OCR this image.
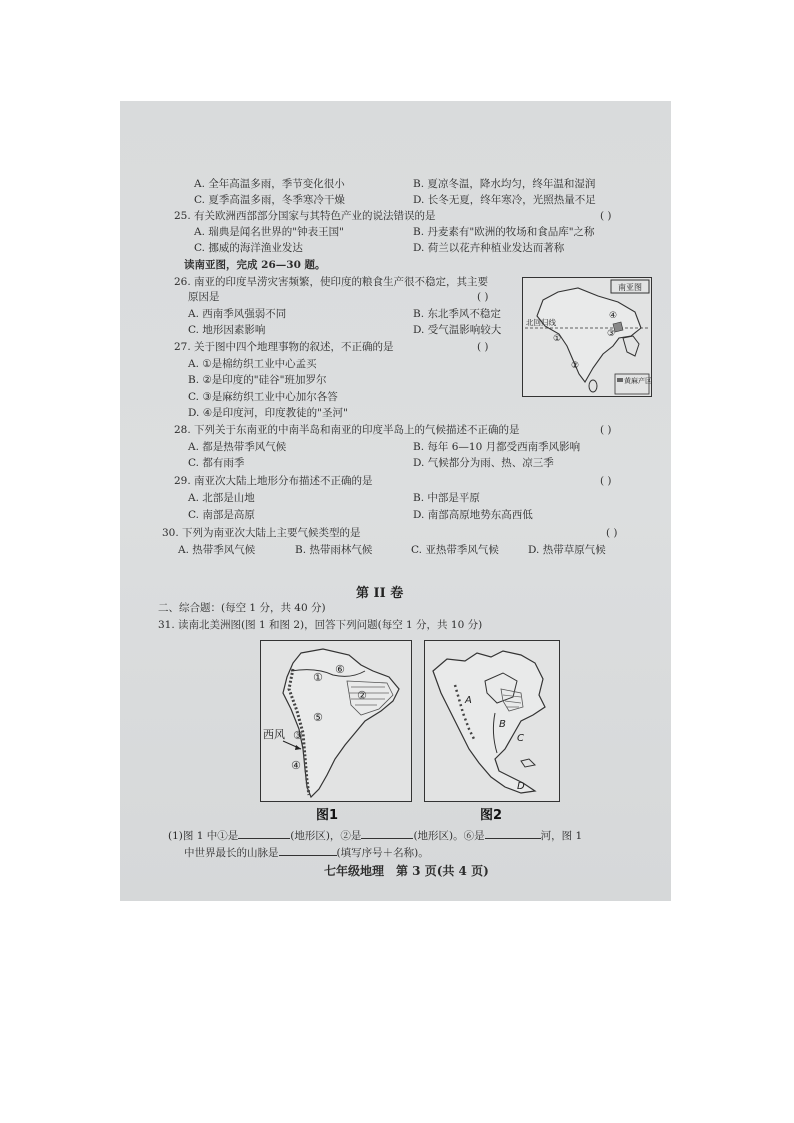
A. 全年高温多雨，季节变化很小	B. 夏凉冬温，降水均匀，终年温和湿润
C. 夏季高温多雨，冬季寒冷干燥	D. 长冬无夏，终年寒冷，光照热量不足
25. 有关欧洲西部部分国家与其特色产业的说法错误的是	( )
A. 瑞典是闻名世界的"钟表王国"	B. 丹麦素有"欧洲的牧场和食品库"之称
C. 挪威的海洋渔业发达	D. 荷兰以花卉种植业发达而著称
读南亚图，完成 26—30 题。
26. 南亚的印度旱涝灾害频繁，使印度的粮食生产很不稳定，其主要
原因是	( )
A. 西南季风强弱不同	B. 东北季风不稳定
C. 地形因素影响	D. 受气温影响较大
27. 关于图中四个地理事物的叙述，不正确的是	( )
A. ①是棉纺织工业中心孟买
B. ②是印度的"硅谷"班加罗尔
C. ③是麻纺织工业中心加尔各答
D. ④是印度河，印度教徒的"圣河"
南亚图
北回归线
①
②
③
④
黄麻产区
28. 下列关于东南亚的中南半岛和南亚的印度半岛上的气候描述不正确的是	( )
A. 都是热带季风气候	B. 每年 6—10 月都受西南季风影响
C. 都有雨季	D. 气候都分为雨、热、凉三季
29. 南亚次大陆上地形分布描述不正确的是	( )
A. 北部是山地	B. 中部是平原
C. 南部是高原	D. 南部高原地势东高西低
30. 下列为南亚次大陆上主要气候类型的是	( )
A. 热带季风气候	B. 热带雨林气候	C. 亚热带季风气候	D. 热带草原气候
第 II 卷
二、综合题：(每空 1 分，共 40 分)
31. 读南北美洲图(图 1 和图 2)，回答下列问题(每空 1 分，共 10 分)
西风
①
②
③
④
⑤
⑥
图1
A
B
C
D
图2
(1)图 1 中①是	(地形区)，②是	(地形区)。⑥是	河，图 1
中世界最长的山脉是	(填写序号＋名称)。
七年级地理　第 3 页(共 4 页)
